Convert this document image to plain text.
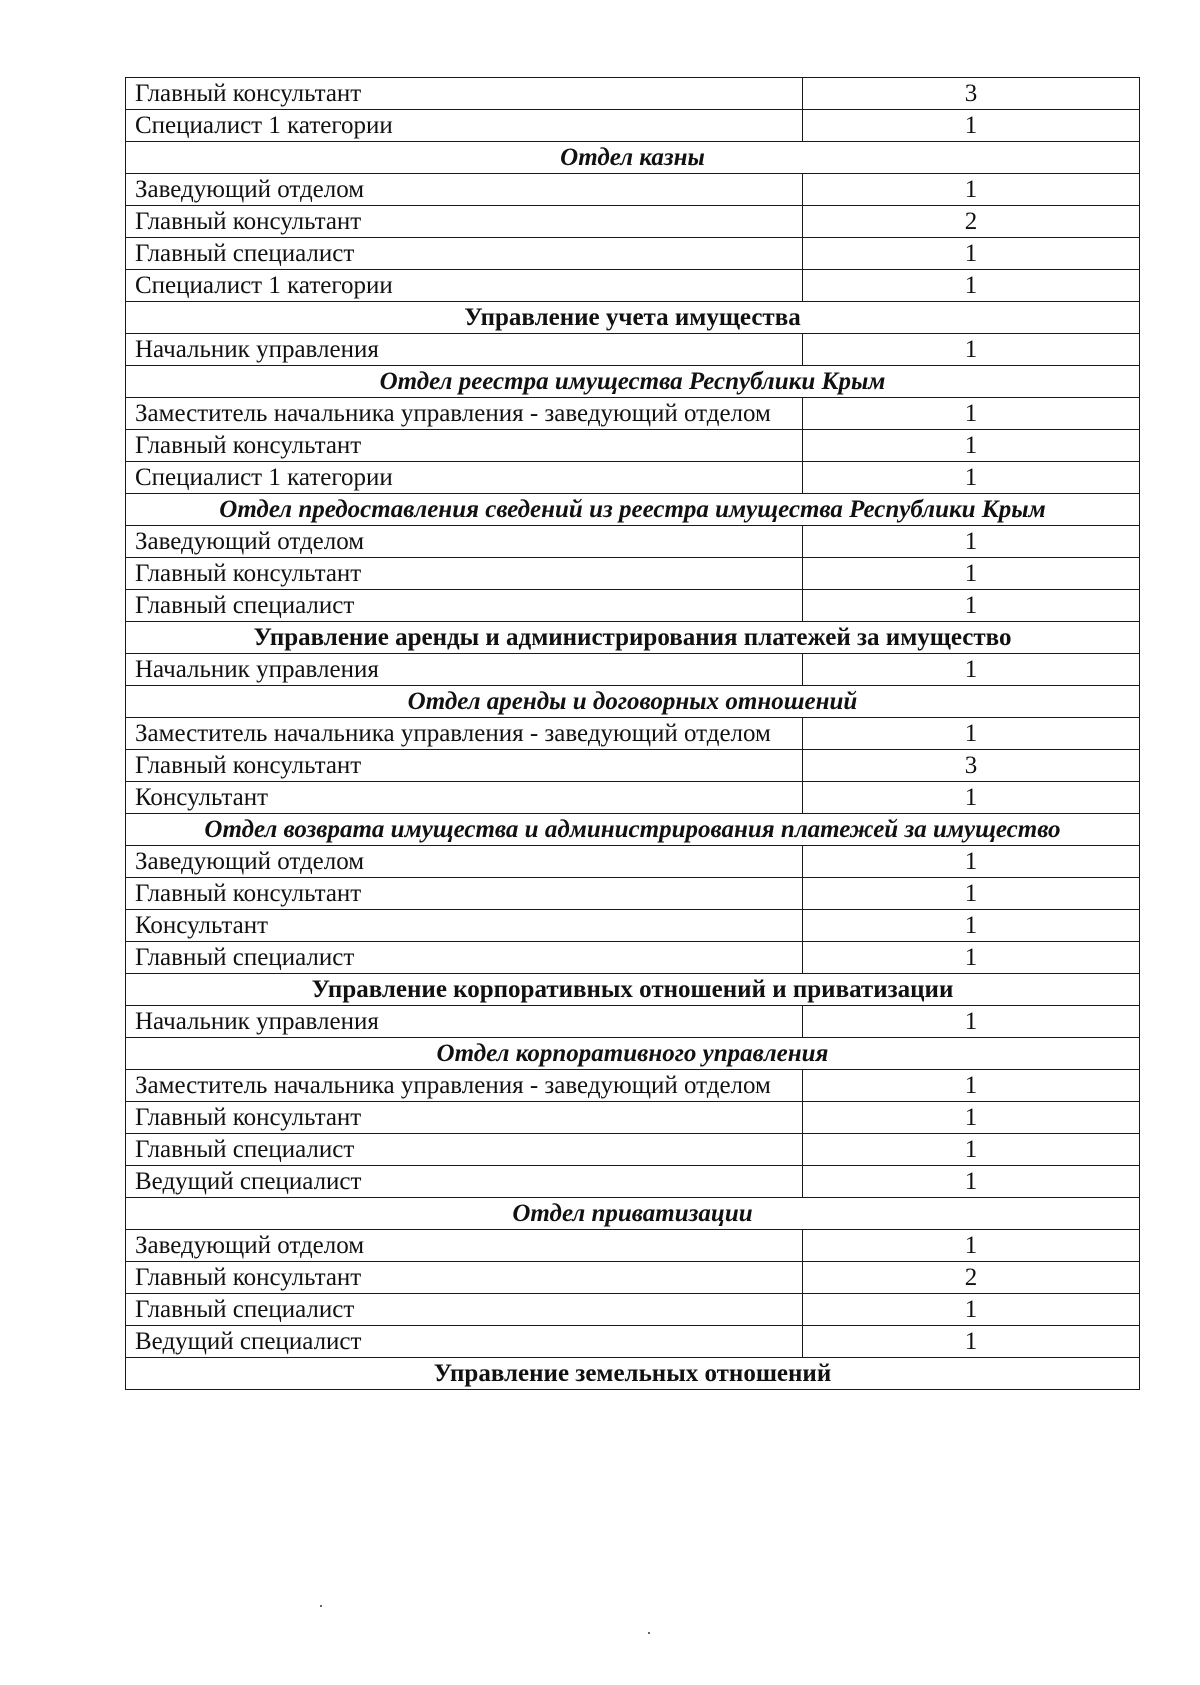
Главный консультант	3
Специалист 1 категории	1
Отдел казны	
Заведующий отделом	1
Главный консультант	2
Главный специалист	1
Специалист 1 категории	1
Управление учета имущества	
Начальник управления	1
Отдел реестра имущества Республики Крым	
Заместитель начальника управления - заведующий отделом	1
Главный консультант	1
Специалист 1 категории	1
Отдел предоставления сведений из реестра имущества Республики Крым	
Заведующий отделом	1
Главный консультант	1
Главный специалист	1
Управление аренды и администрирования платежей за имущество	
Начальник управления	1
Отдел аренды и договорных отношений	
Заместитель начальника управления - заведующий отделом	1
Главный консультант	3
Консультант	1
Отдел возврата имущества и администрирования платежей за имущество	
Заведующий отделом	1
Главный консультант	1
Консультант	1
Главный специалист	1
Управление корпоративных отношений и приватизации	
Начальник управления	1
Отдел корпоративного управления	
Заместитель начальника управления - заведующий отделом	1
Главный консультант	1
Главный специалист	1
Ведущий специалист	1
Отдел приватизации	
Заведующий отделом	1
Главный консультант	2
Главный специалист	1
Ведущий специалист	1
Управление земельных отношений	
